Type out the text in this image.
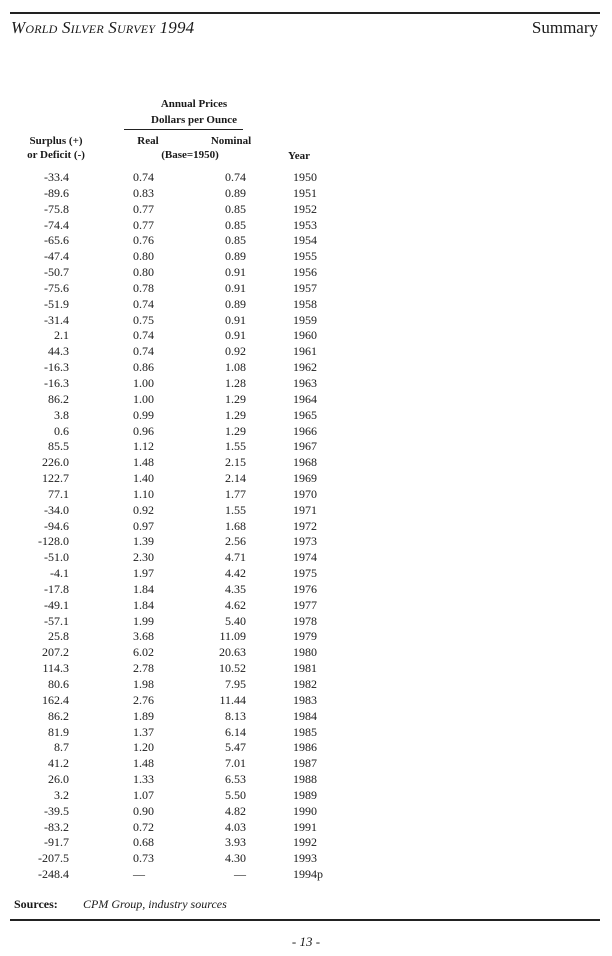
World Silver Survey 1994	Summary
Annual Prices
Dollars per Ounce
Surplus (+)
or Deficit (-)
Real	Nominal
(Base=1950)	Year
-33.4	0.74	0.74	1950
-89.6	0.83	0.89	1951
-75.8	0.77	0.85	1952
-74.4	0.77	0.85	1953
-65.6	0.76	0.85	1954
-47.4	0.80	0.89	1955
-50.7	0.80	0.91	1956
-75.6	0.78	0.91	1957
-51.9	0.74	0.89	1958
-31.4	0.75	0.91	1959
2.1	0.74	0.91	1960
44.3	0.74	0.92	1961
-16.3	0.86	1.08	1962
-16.3	1.00	1.28	1963
86.2	1.00	1.29	1964
3.8	0.99	1.29	1965
0.6	0.96	1.29	1966
85.5	1.12	1.55	1967
226.0	1.48	2.15	1968
122.7	1.40	2.14	1969
77.1	1.10	1.77	1970
-34.0	0.92	1.55	1971
-94.6	0.97	1.68	1972
-128.0	1.39	2.56	1973
-51.0	2.30	4.71	1974
-4.1	1.97	4.42	1975
-17.8	1.84	4.35	1976
-49.1	1.84	4.62	1977
-57.1	1.99	5.40	1978
25.8	3.68	11.09	1979
207.2	6.02	20.63	1980
114.3	2.78	10.52	1981
80.6	1.98	7.95	1982
162.4	2.76	11.44	1983
86.2	1.89	8.13	1984
81.9	1.37	6.14	1985
8.7	1.20	5.47	1986
41.2	1.48	7.01	1987
26.0	1.33	6.53	1988
3.2	1.07	5.50	1989
-39.5	0.90	4.82	1990
-83.2	0.72	4.03	1991
-91.7	0.68	3.93	1992
-207.5	0.73	4.30	1993
-248.4	—	—	1994p
Sources: CPM Group, industry sources
- 13 -
